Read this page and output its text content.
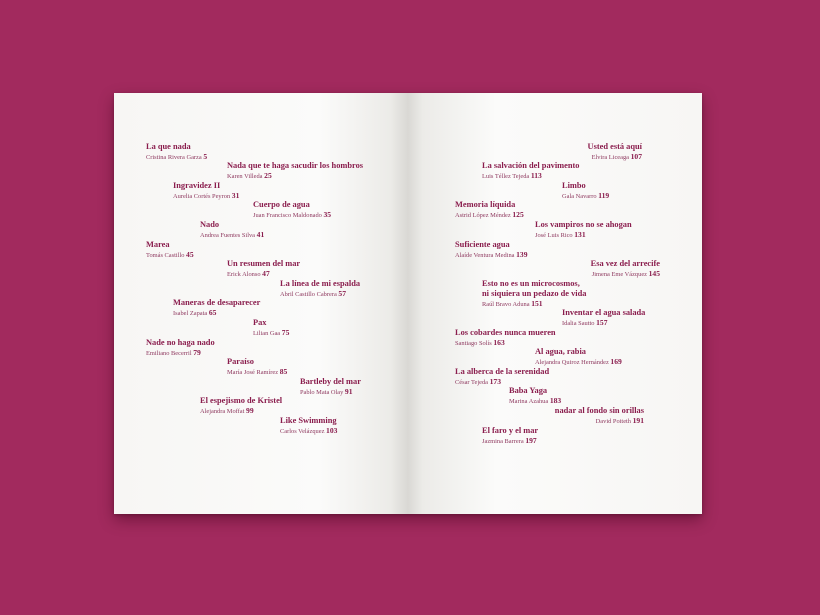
La que nada
Cristina Rivera Garza 5
Nada que te haga sacudir los hombros
Karen Villeda 25
Ingravidez II
Aurelia Cortés Peyron 31
Cuerpo de agua
Juan Francisco Maldonado 35
Nado
Andrea Fuentes Silva 41
Marea
Tomás Castillo 45
Un resumen del mar
Erick Alonso 47
La línea de mi espalda
Abril Castillo Cabrera 57
Maneras de desaparecer
Isabel Zapata 65
Pax
Lilian Gaa 75
Nade no haga nado
Emiliano Becerril 79
Paraíso
María José Ramírez 85
Bartleby del mar
Pablo Mata Olay 91
El espejismo de Kristel
Alejandra Moffat 99
Like Swimming
Carlos Velázquez 103
Usted está aquí
Elvira Liceaga 107
La salvación del pavimento
Luis Téllez Tejeda 113
Limbo
Gala Navarro 119
Memoria líquida
Astrid López Méndez 125
Los vampiros no se ahogan
José Luis Rico 131
Suficiente agua
Alaíde Ventura Medina 139
Esa vez del arrecife
Jimena Eme Vázquez 145
Esto no es un microcosmos,
ni siquiera un pedazo de vida
Raúl Bravo Aduna 151
Inventar el agua salada
Idalia Sautto 157
Los cobardes nunca mueren
Santiago Solís 163
Al agua, rabia
Alejandra Quiroz Hernández 169
La alberca de la serenidad
César Tejeda 173
Baba Yaga
Marina Azahua 183
nadar al fondo sin orillas
David Poiteth 191
El faro y el mar
Jazmina Barrera 197
